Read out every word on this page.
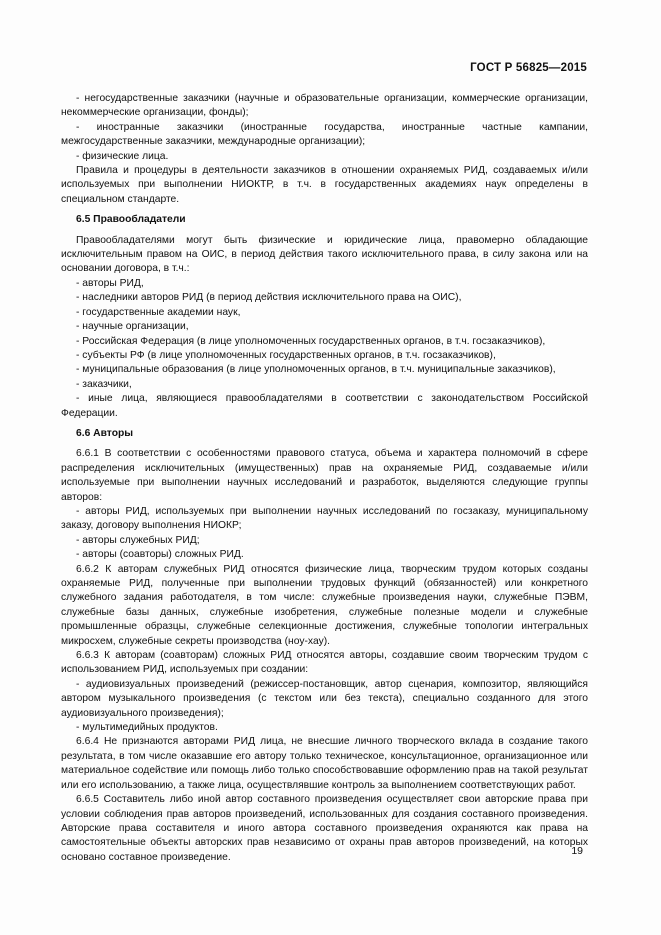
ГОСТ Р 56825—2015

- негосударственные заказчики (научные и образовательные организации, коммерческие организации, некоммерческие организации, фонды);

- иностранные заказчики (иностранные государства, иностранные частные кампании, межгосударственные заказчики, международные организации);

- физические лица.

Правила и процедуры в деятельности заказчиков в отношении охраняемых РИД, создаваемых и/или используемых при выполнении НИОКТР, в т.ч. в государственных академиях наук определены в специальном стандарте.

6.5 Правообладатели

Правообладателями могут быть физические и юридические лица, правомерно обладающие исключительным правом на ОИС, в период действия такого исключительного права, в силу закона или на основании договора, в т.ч.:

- авторы РИД,

- наследники авторов РИД (в период действия исключительного права на ОИС),

- государственные академии наук,

- научные организации,

- Российская Федерация (в лице уполномоченных государственных органов, в т.ч. госзаказчиков),

- субъекты РФ (в лице уполномоченных государственных органов, в т.ч. госзаказчиков),

- муниципальные образования (в лице уполномоченных органов, в т.ч. муниципальные заказчиков),

- заказчики,

- иные лица, являющиеся правообладателями в соответствии с законодательством Российской Федерации.

6.6 Авторы

6.6.1 В соответствии с особенностями правового статуса, объема и характера полномочий в сфере распределения исключительных (имущественных) прав на охраняемые РИД, создаваемые и/или используемые при выполнении научных исследований и разработок, выделяются следующие группы авторов:

- авторы РИД, используемых при выполнении научных исследований по госзаказу, муниципальному заказу, договору выполнения НИОКР;

- авторы служебных РИД;

- авторы (соавторы) сложных РИД.

6.6.2 К авторам служебных РИД относятся физические лица, творческим трудом которых созданы охраняемые РИД, полученные при выполнении трудовых функций (обязанностей) или конкретного служебного задания работодателя, в том числе: служебные произведения науки, служебные ПЭВМ, служебные базы данных, служебные изобретения, служебные полезные модели и служебные промышленные образцы, служебные селекционные достижения, служебные топологии интегральных микросхем, служебные секреты производства (ноу-хау).

6.6.3 К авторам (соавторам) сложных РИД относятся авторы, создавшие своим творческим трудом с использованием РИД, используемых при создании:

- аудиовизуальных произведений (режиссер-постановщик, автор сценария, композитор, являющийся автором музыкального произведения (с текстом или без текста), специально созданного для этого аудиовизуального произведения);

- мультимедийных продуктов.

6.6.4 Не признаются авторами РИД лица, не внесшие личного творческого вклада в создание такого результата, в том числе оказавшие его автору только техническое, консультационное, организационное или материальное содействие или помощь либо только способствовавшие оформлению прав на такой результат или его использованию, а также лица, осуществлявшие контроль за выполнением соответствующих работ.

6.6.5 Составитель либо иной автор составного произведения осуществляет свои авторские права при условии соблюдения прав авторов произведений, использованных для создания составного произведения. Авторские права составителя и иного автора составного произведения охраняются как права на самостоятельные объекты авторских прав независимо от охраны прав авторов произведений, на которых основано составное произведение.

19
